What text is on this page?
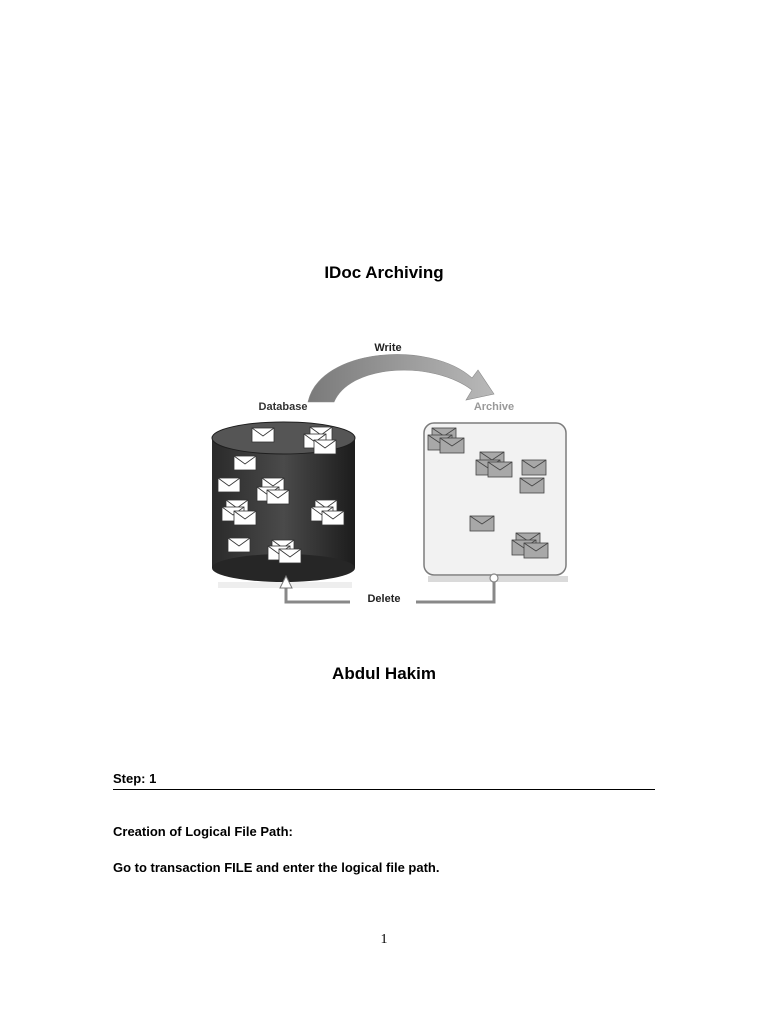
IDoc Archiving
Write
Database	Archive
Delete
Abdul Hakim
Step: 1
Creation of Logical File Path:
Go to transaction FILE and enter the logical file path.
1
